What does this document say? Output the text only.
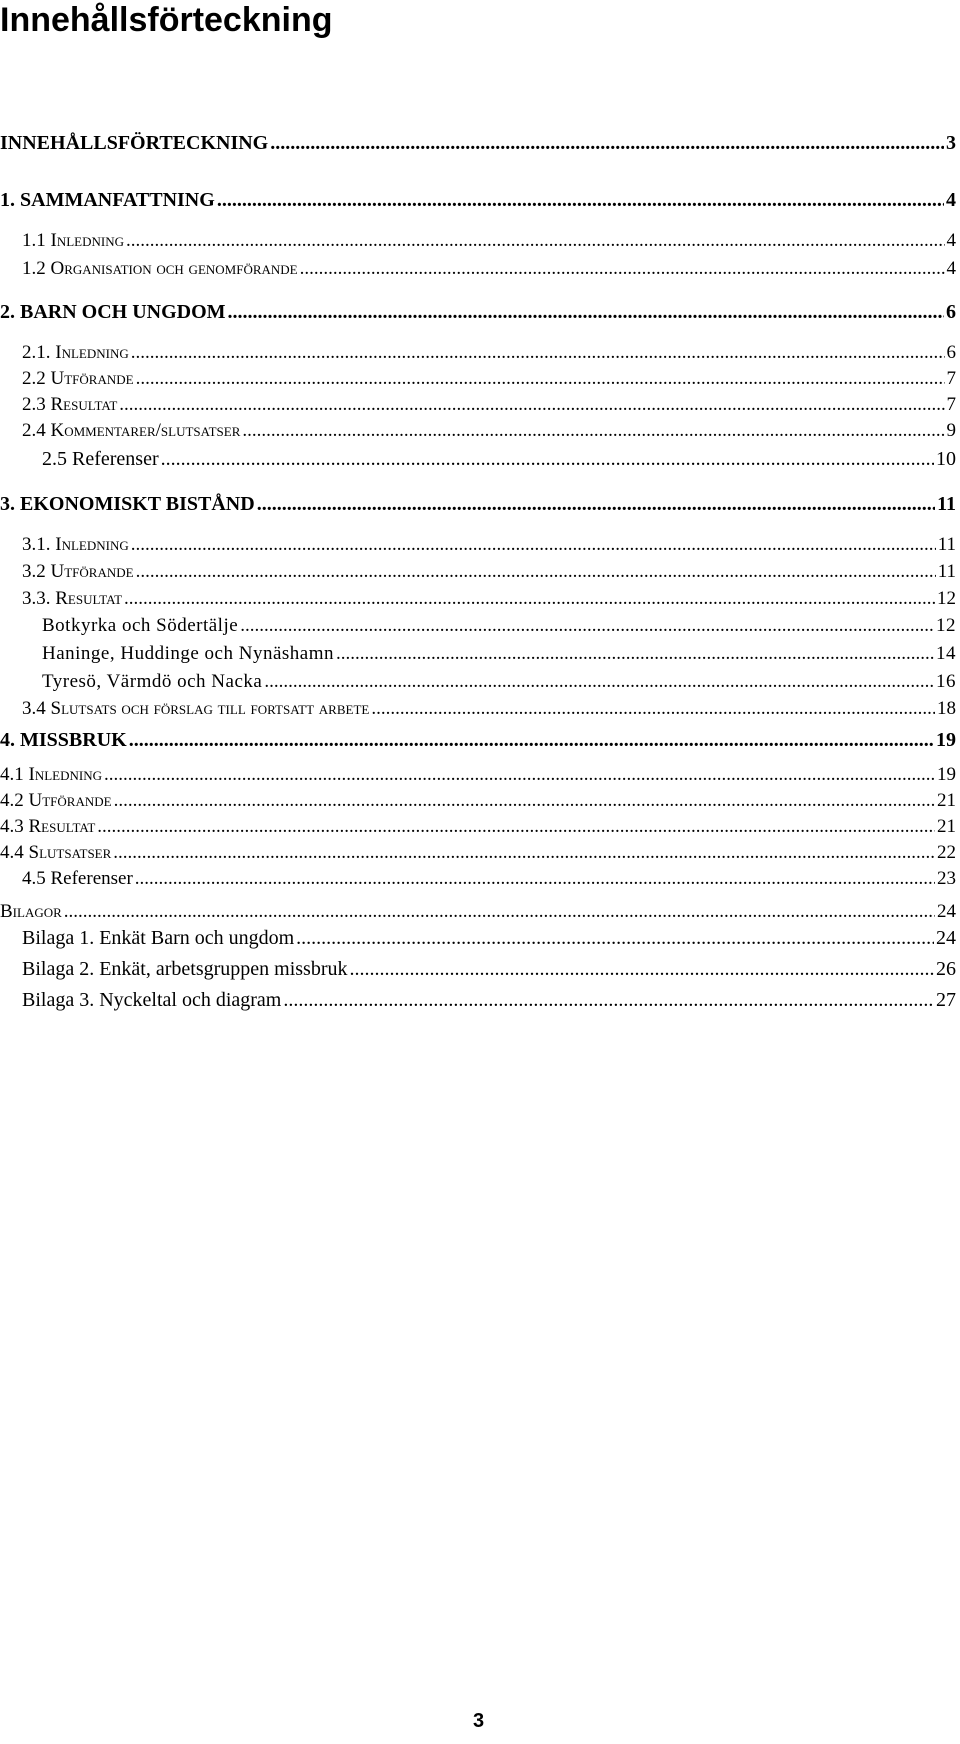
Innehållsförteckning
INNEHÅLLSFÖRTECKNING .....	3
1. SAMMANFATTNING .....	4
1.1 Inledning .....	4
1.2 Organisation och genomförande .....	4
2. BARN OCH UNGDOM .....	6
2.1. Inledning .....	6
2.2 Utförande .....	7
2.3 Resultat .....	7
2.4 Kommentarer/slutsatser .....	9
2.5 Referenser .....	10
3. EKONOMISKT BISTÅND .....	11
3.1. Inledning .....	11
3.2 Utförande .....	11
3.3. Resultat .....	12
Botkyrka och Södertälje .....	12
Haninge, Huddinge och Nynäshamn .....	14
Tyresö, Värmdö och Nacka .....	16
3.4 Slutsats och förslag till fortsatt arbete .....	18
4. MISSBRUK .....	19
4.1 Inledning .....	19
4.2 Utförande .....	21
4.3 Resultat .....	21
4.4 Slutsatser .....	22
4.5 Referenser .....	23
Bilagor .....	24
Bilaga 1. Enkät Barn och ungdom .....	24
Bilaga 2. Enkät, arbetsgruppen missbruk .....	26
Bilaga 3. Nyckeltal och diagram .....	27
3
